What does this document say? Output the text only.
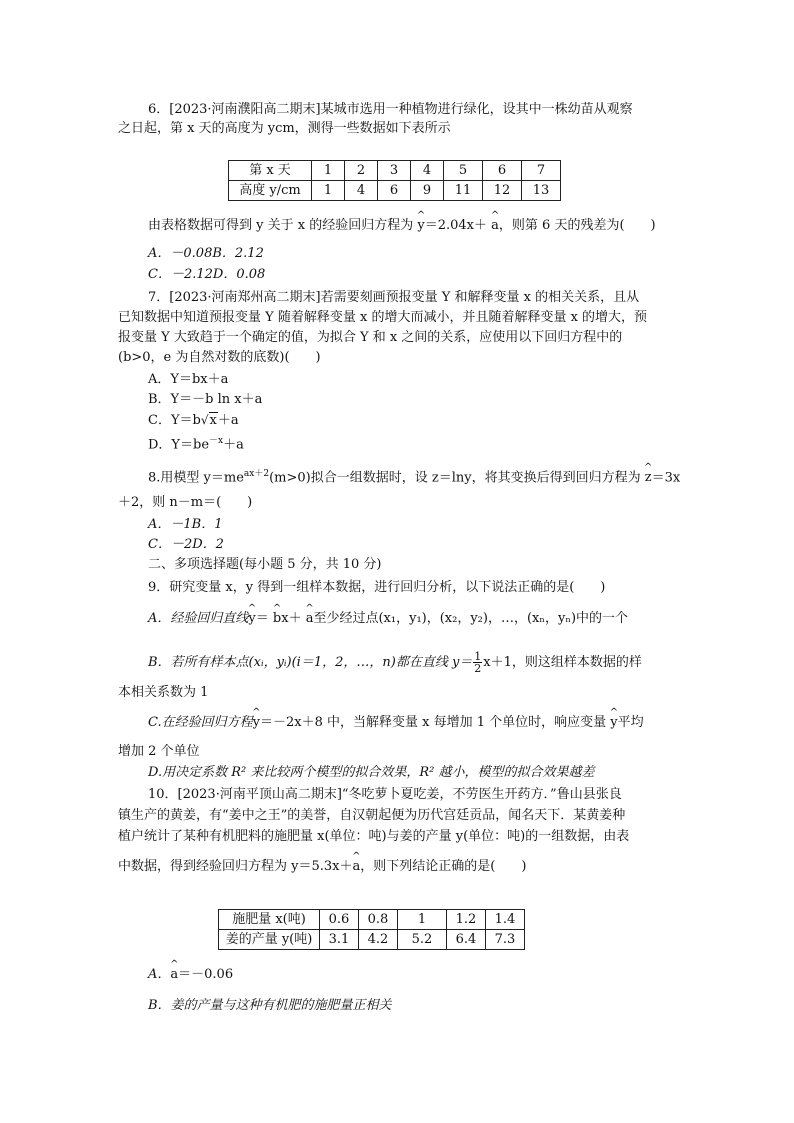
6．[2023·河南濮阳高二期末]某城市选用一种植物进行绿化，设其中一株幼苗从观察
之日起，第 x 天的高度为 ycm，测得一些数据如下表所示
第 x 天	1	2	3	4	5	6	7
高度 y/cm	1	4	6	9	11	12	13
由表格数据可得到 y 关于 x 的经验回归方程为 ^ y＝2.04x＋ ^ a，则第 6 天的残差为(　　)
A．－0.08B．2.12
C．－2.12D．0.08
7．[2023·河南郑州高二期末]若需要刻画预报变量 Y 和解释变量 x 的相关关系，且从
已知数据中知道预报变量 Y 随着解释变量 x 的增大而减小，并且随着解释变量 x 的增大，预
报变量 Y 大致趋于一个确定的值，为拟合 Y 和 x 之间的关系，应使用以下回归方程中的
(b>0，e 为自然对数的底数)(　　)
A．Y＝bx＋a
B．Y＝－b ln x＋a
C．Y＝b√x＋a
D．$Y=be^{-x}+a$
8.用模型 $y=me^{ax+2}(m>0)$拟合一组数据时，设 z＝lny，将其变换后得到回归方程为 ^ z＝3x
＋2，则 n－m＝(　　)
A．－1B．1
C．－2D．2
二、多项选择题(每小题 5 分，共 10 分)
9．研究变量 x，y 得到一组样本数据，进行回归分析，以下说法正确的是(　　)
A．经验回归直线^ y＝ ^ bx＋ ^ a至少经过点(x₁，y₁)，(x₂，y₂)，…，(xₙ，yₙ)中的一个
B．若所有样本点(xᵢ，yᵢ)(i＝1，2，…，n)都在直线 $y= \frac{1}{2} x+1$，则这组样本数据的样
本相关系数为 1
C.在经验回归方程^ y＝－2x＋8 中，当解释变量 x 每增加 1 个单位时，响应变量 ^ y平均
增加 2 个单位
D.用决定系数 R² 来比较两个模型的拟合效果，R² 越小，模型的拟合效果越差
10．[2023·河南平顶山高二期末]“冬吃萝卜夏吃姜，不劳医生开药方．”鲁山县张良
镇生产的黄姜，有“姜中之王”的美誉，自汉朝起便为历代宫廷贡品，闻名天下．某黄姜种
植户统计了某种有机肥料的施肥量 x(单位：吨)与姜的产量 y(单位：吨)的一组数据，由表
中数据，得到经验回归方程为 y＝5.3x＋^ a，则下列结论正确的是(　　)
施肥量 x(吨)	0.6	0.8	1	1.2	1.4
姜的产量 y(吨)	3.1	4.2	5.2	6.4	7.3
A．^ a＝－0.06
B．姜的产量与这种有机肥的施肥量正相关
